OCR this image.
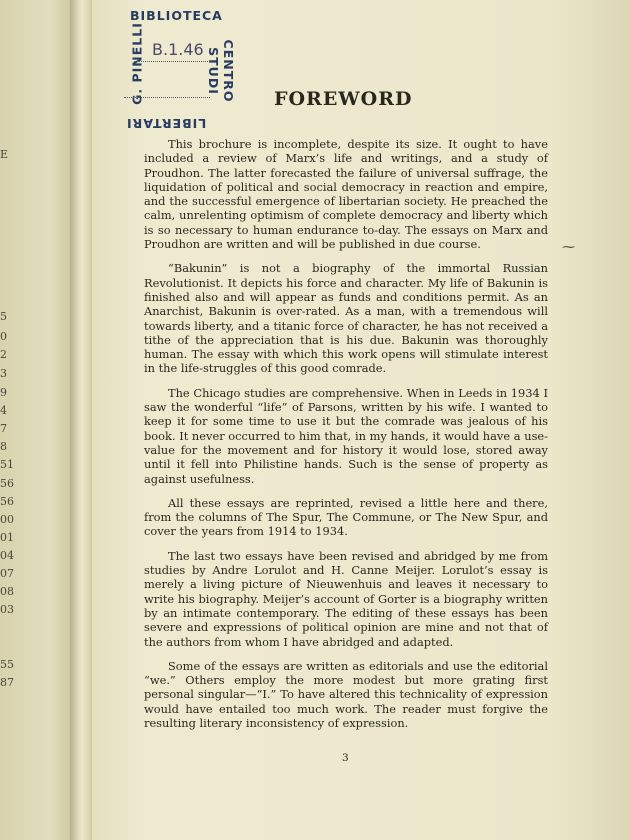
E
5
0
2
3
9
4
7
8
51
56
56
00
01
04
07
08
03
55
87
BIBLIOTECA
G. PINELLI	CENTRO STUDI
LIBERTARI
B.1.46
FOREWORD

This brochure is incomplete, despite its size. It ought to have included a review of Marx’s life and writings, and a study of Proudhon. The latter forecasted the failure of universal suffrage, the liquidation of political and social democracy in reaction and empire, and the successful emergence of libertarian society. He preached the calm, unrelenting optimism of complete democracy and liberty which is so necessary to human endurance to-day. The essays on Marx and Proudhon are written and will be published in due course.

“Bakunin” is not a biography of the immortal Russian Revolutionist. It depicts his force and character. My life of Bakunin is finished also and will appear as funds and conditions permit. As an Anarchist, Bakunin is over-rated. As a man, with a tremendous will towards liberty, and a titanic force of character, he has not received a tithe of the appreciation that is his due. Bakunin was thoroughly human. The essay with which this work opens will stimulate interest in the life-struggles of this good comrade.

The Chicago studies are comprehensive. When in Leeds in 1934 I saw the wonderful “life” of Parsons, written by his wife. I wanted to keep it for some time to use it but the comrade was jealous of his book. It never occurred to him that, in my hands, it would have a use-value for the movement and for history it would lose, stored away until it fell into Philistine hands. Such is the sense of property as against usefulness.

All these essays are reprinted, revised a little here and there, from the columns of The Spur, The Commune, or The New Spur, and cover the years from 1914 to 1934.

The last two essays have been revised and abridged by me from studies by Andre Lorulot and H. Canne Meijer. Lorulot’s essay is merely a living picture of Nieuwenhuis and leaves it necessary to write his biography. Meijer’s account of Gorter is a biography written by an intimate contemporary. The editing of these essays has been severe and expressions of political opinion are mine and not that of the authors from whom I have abridged and adapted.

Some of the essays are written as editorials and use the editorial “we.” Others employ the more modest but more grating first personal singular—“I.” To have altered this technicality of expression would have entailed too much work. The reader must forgive the resulting literary inconsistency of expression.

⁓
3
